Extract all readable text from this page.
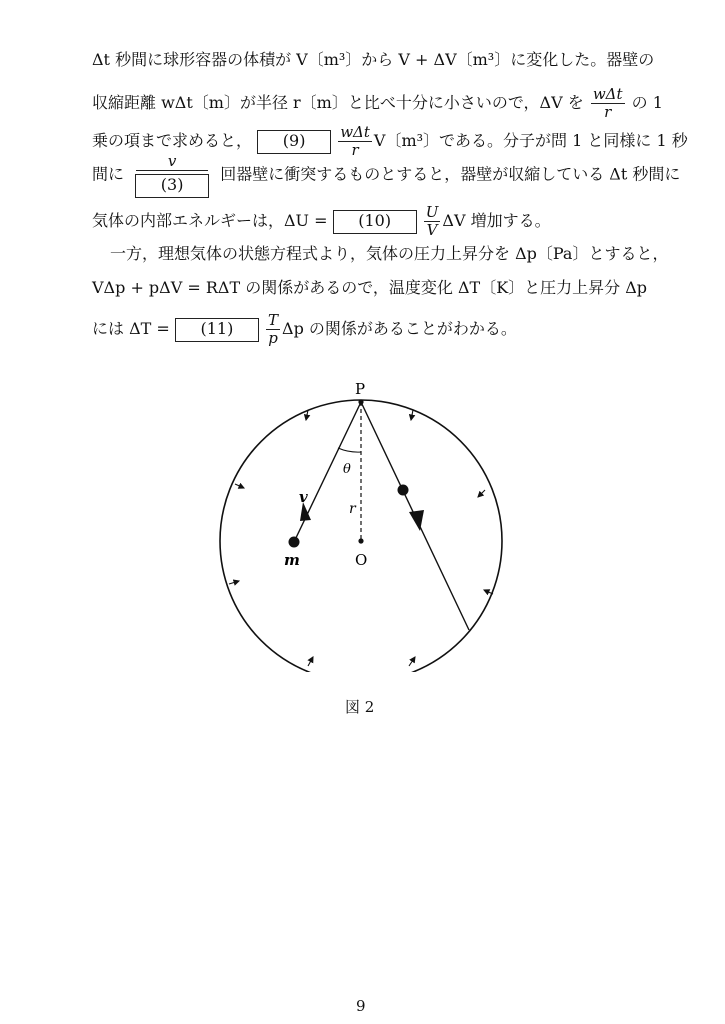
Δt 秒間に球形容器の体積が V〔m³〕から V + ΔV〔m³〕に変化した。器壁の
収縮距離 wΔt〔m〕が半径 r〔m〕と比べ十分に小さいので，ΔV を $\frac{\text{wΔt}}{r}$ の 1
乗の項まで求めると， $(9) \frac{\text{wΔt}}{r}$ V〔m³〕である。分子が問 1 と同様に 1 秒
間に $\frac{v}{(3)}$ 回器壁に衝突するものとすると，器壁が収縮している Δt 秒間に
気体の内部エネルギーは，$\Delta U = (10) \frac{U}{V}$ ΔV 増加する。
一方，理想気体の状態方程式より，気体の圧力上昇分を Δp〔Pa〕とすると，
VΔp + pΔV = RΔT の関係があるので，温度変化 ΔT〔K〕と圧力上昇分 Δp
には $\Delta T = (11) \frac{T}{p}$ Δp の関係があることがわかる。
P
O
θ
v
r
m
図 2
9
